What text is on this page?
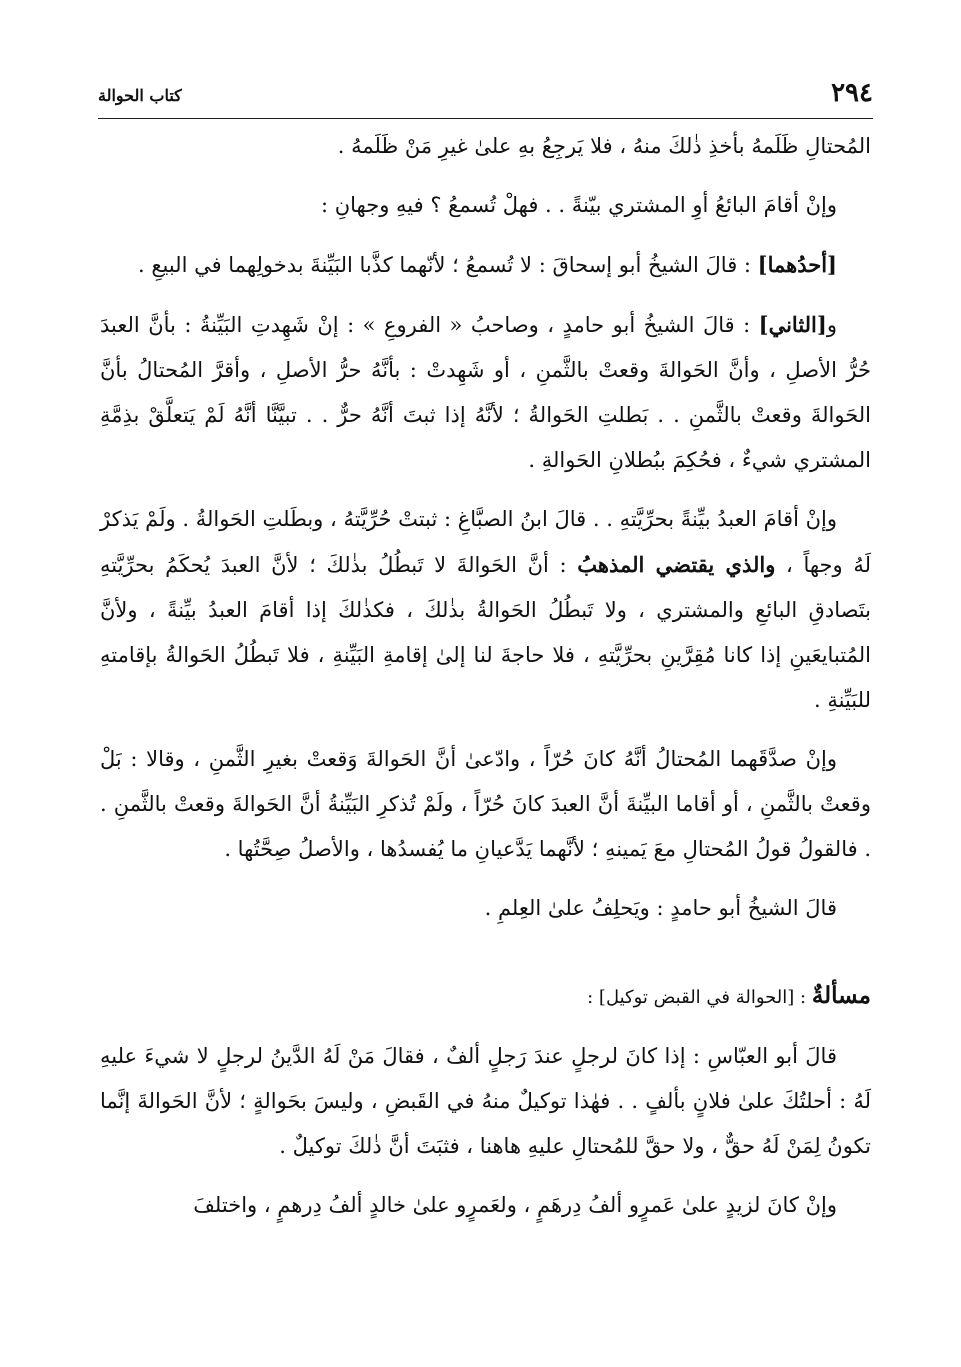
٢٩٤
كتاب الحوالة

المُحتالِ ظَلَمهُ بأخذِ ذٰلكَ منهُ ، فلا يَرجِعُ بهِ علىٰ غيرِ مَنْ ظَلَمهُ .

وإنْ أقامَ البائعُ أوِ المشتري بيّنةً . . فهلْ تُسمعُ ؟ فيهِ وجهانِ :

[أحدُهما] : قالَ الشيخُ أبو إسحاقَ : لا تُسمعُ ؛ لأنّهما كذَّبا البَيِّنةَ بدخولِهما في البيعِ .

و[الثاني] : قالَ الشيخُ أبو حامدٍ ، وصاحبُ « الفروعِ » : إنْ شَهِدتِ البَيِّنةُ : بأنَّ العبدَ حُرُّ الأصلِ ، وأنَّ الحَوالةَ وقعتْ بالثَّمنِ ، أو شَهِدتْ : بأنَّهُ حرُّ الأصلِ ، وأقرَّ المُحتالُ بأنَّ الحَوالةَ وقعتْ بالثَّمنِ . . بَطلتِ الحَوالةُ ؛ لأنَّهُ إذا ثبتَ أنَّهُ حرٌّ . . تبيَّنَّا أنَّهُ لَمْ يَتعلَّقْ بذِمَّةِ المشتري شيءٌ ، فحُكِمَ ببُطلانِ الحَوالةِ .

وإنْ أقامَ العبدُ بيِّنةً بحرِّيَّتهِ . . قالَ ابنُ الصبَّاغِ : ثبتتْ حُرِّيَّتهُ ، وبطَلتِ الحَوالةُ . ولَمْ يَذكرْ لَهُ وجهاً ، والذي يقتضي المذهبُ : أنَّ الحَوالةَ لا تَبطُلُ بذٰلكَ ؛ لأنَّ العبدَ يُحكَمُ بحرِّيَّتهِ بتَصادقِ البائعِ والمشتري ، ولا تَبطُلُ الحَوالةُ بذٰلكَ ، فكذٰلكَ إذا أقامَ العبدُ بيِّنةً ، ولأنَّ المُتبايعَينِ إذا كانا مُقِرَّينِ بحرِّيَّتهِ ، فلا حاجةَ لنا إلىٰ إقامةِ البَيِّنةِ ، فلا تَبطُلُ الحَوالةُ بإقامتهِ للبَيِّنةِ .

وإنْ صدَّقَهما المُحتالُ أنَّهُ كانَ حُرّاً ، وادّعىٰ أنَّ الحَوالةَ وَقعتْ بغيرِ الثَّمنِ ، وقالا : بَلْ وقعتْ بالثَّمنِ ، أو أقاما البيِّنةَ أنَّ العبدَ كانَ حُرّاً ، ولَمْ تُذكرِ البَيِّنةُ أنَّ الحَوالةَ وقعتْ بالثَّمنِ . . فالقولُ قولُ المُحتالِ معَ يَمينهِ ؛ لأنَّهما يَدَّعيانِ ما يُفسدُها ، والأصلُ صِحَّتُها .

قالَ الشيخُ أبو حامدٍ : ويَحلِفُ علىٰ العِلمِ .

مسألةٌ : [الحوالة في القبض توكيل] :

قالَ أبو العبّاسِ : إذا كانَ لرجلٍ عندَ رَجلٍ ألفٌ ، فقالَ مَنْ لَهُ الدَّينُ لرجلٍ لا شيءَ عليهِ لَهُ : أحلتُكَ علىٰ فلانٍ بألفٍ . . فهٰذا توكيلٌ منهُ في القَبضِ ، وليسَ بحَوالةٍ ؛ لأنَّ الحَوالةَ إنَّما تكونُ لِمَنْ لَهُ حقٌّ ، ولا حقَّ للمُحتالِ عليهِ هاهنا ، فثبَتَ أنَّ ذٰلكَ توكيلٌ .

وإنْ كانَ لزيدٍ علىٰ عَمرٍو ألفُ دِرهَمٍ ، ولعَمرٍو علىٰ خالدٍ ألفُ دِرهمٍ ، واختلفَ
